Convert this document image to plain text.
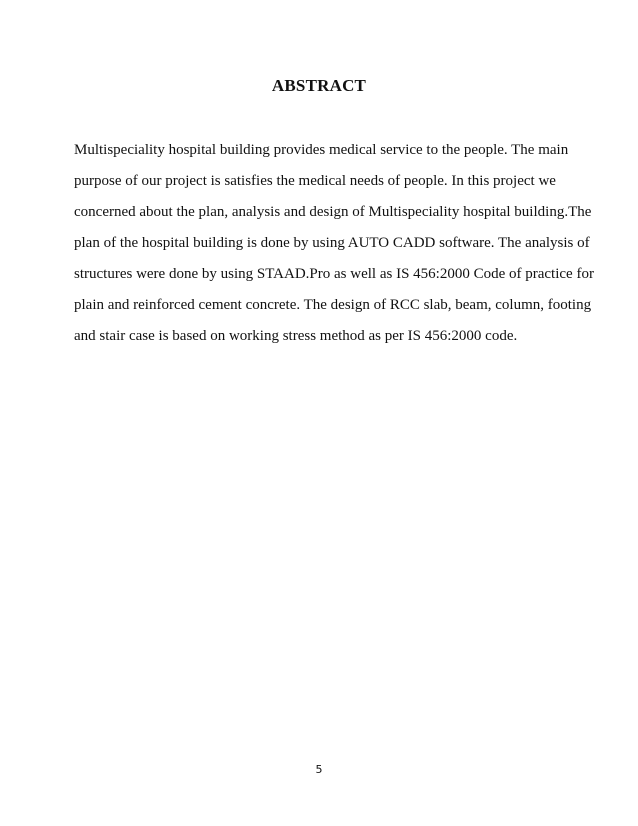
ABSTRACT
Multispeciality hospital building provides medical service to the people. The main
purpose of our project is satisfies the medical needs of people. In this project we
concerned about the plan, analysis and design of Multispeciality hospital building.The
plan of the hospital building is done by using AUTO CADD software. The analysis of
structures were done by using STAAD.Pro as well as IS 456:2000 Code of practice for
plain and reinforced cement concrete. The design of RCC slab, beam, column, footing
and stair case is based on working stress method as per IS 456:2000 code.
5
